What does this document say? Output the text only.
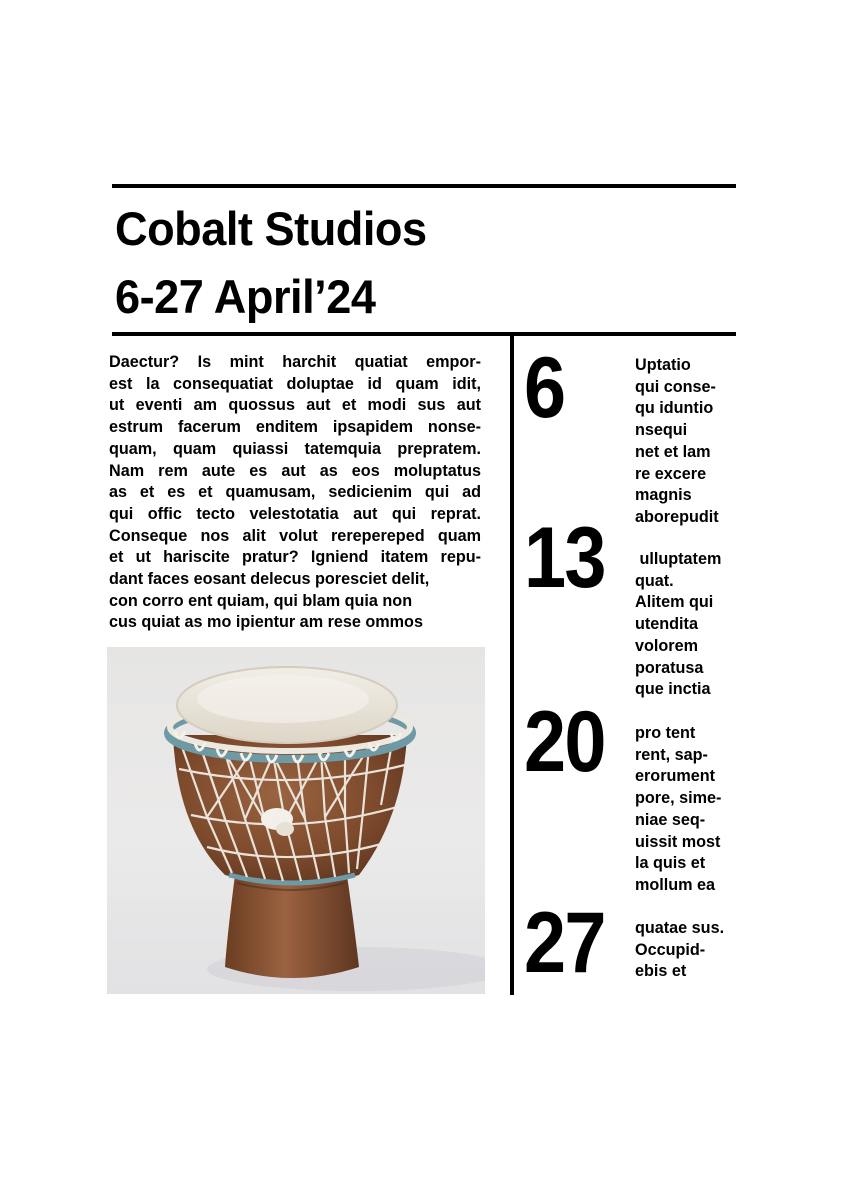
Cobalt Studios
6-27 April’24
Daectur? Is mint harchit quatiat empor-
est la consequatiat doluptae id quam idit,
ut eventi am quossus aut et modi sus aut
estrum facerum enditem ipsapidem nonse-
quam, quam quiassi tatemquia prepratem.
Nam rem aute es aut as eos moluptatus
as et es et quamusam, sedicienim qui ad
qui offic tecto velestotatia aut qui reprat.
Conseque nos alit volut rerepereped quam
et ut hariscite pratur? Igniend itatem repu-
dant faces eosant delecus poresciet delit,
con corro ent quiam, qui blam quia non
cus quiat as mo ipientur am rese ommos
6	Uptatio
qui conse-
qu iduntio
nsequi
net et lam
re excere
magnis
aborepudit
13 ulluptatem
quat.
Alitem qui
utendita
volorem
poratusa
que inctia
20 pro tent
rent, sap-
erorument
pore, sime-
niae seq-
uissit most
la quis et
mollum ea
27 quatae sus.
Occupid-
ebis et
